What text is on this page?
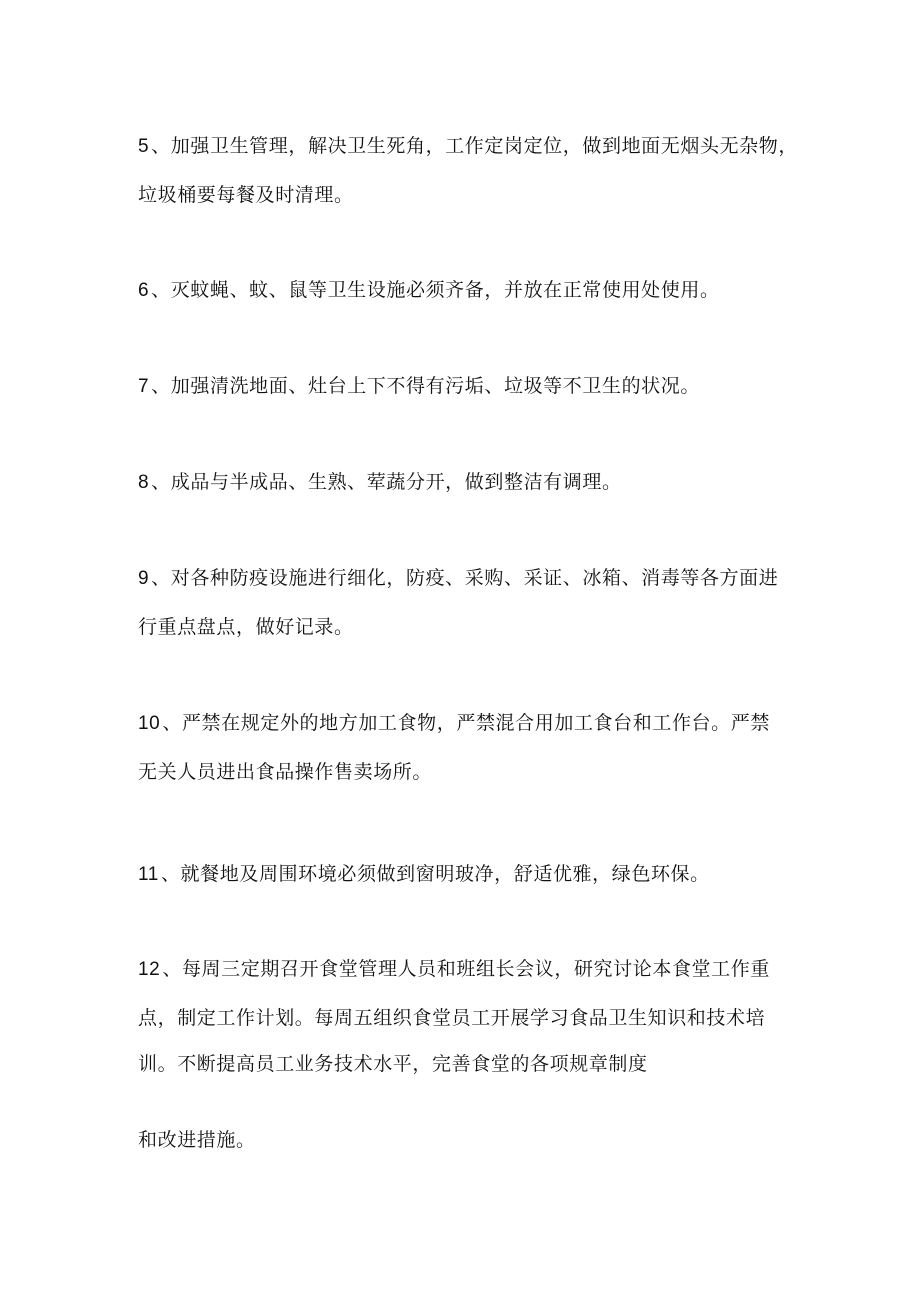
5 、加强卫生管理，解决卫生死角，工作定岗定位，做到地面无烟头无杂物，
垃圾桶要每餐及时清理。
6 、灭蚊蝇、蚊、鼠等卫生设施必须齐备，并放在正常使用处使用。
7 、加强清洗地面、灶台上下不得有污垢、垃圾等不卫生的状况。
8 、成品与半成品、生熟、荤蔬分开，做到整洁有调理。
9 、对各种防疫设施进行细化，防疫、采购、采证、冰箱、消毒等各方面进
行重点盘点，做好记录。
10 、严禁在规定外的地方加工食物，严禁混合用加工食台和工作台。严禁
无关人员进出食品操作售卖场所。
11 、就餐地及周围环境必须做到窗明玻净，舒适优雅，绿色环保。
12 、每周三定期召开食堂管理人员和班组长会议，研究讨论本食堂工作重
点，制定工作计划。每周五组织食堂员工开展学习食品卫生知识和技术培
训。不断提高员工业务技术水平，完善食堂的各项规章制度
和改进措施。
